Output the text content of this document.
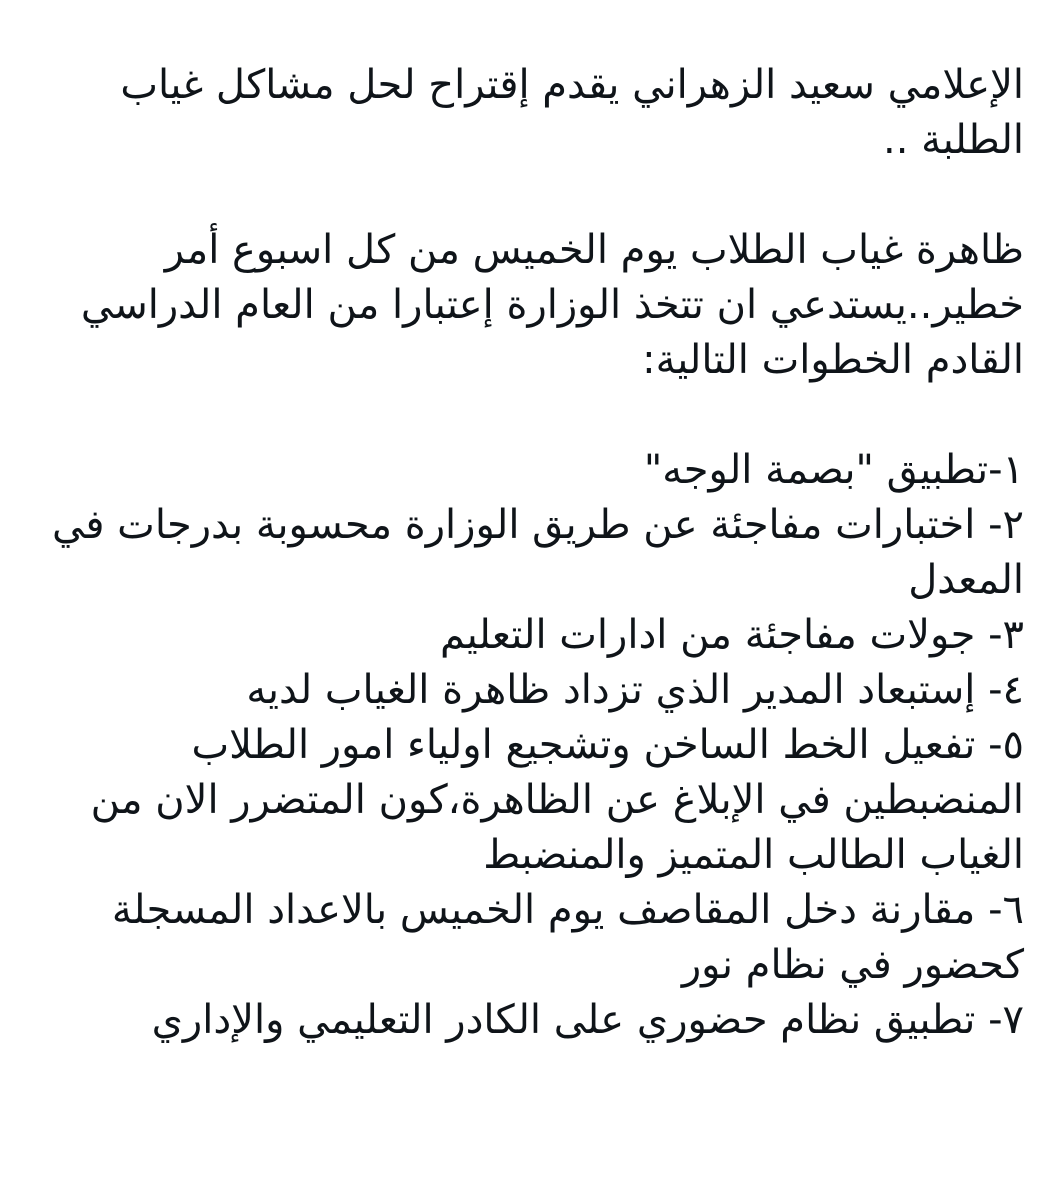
الإعلامي سعيد الزهراني يقدم إقتراح لحل مشاكل غياب
الطلبة ..

ظاهرة غياب الطلاب يوم الخميس من كل اسبوع أمر
خطير..يستدعي ان تتخذ الوزارة إعتبارا من العام الدراسي
القادم الخطوات التالية:

١-تطبيق "بصمة الوجه"
٢- اختبارات مفاجئة عن طريق الوزارة محسوبة بدرجات في
المعدل
٣- جولات مفاجئة من ادارات التعليم
٤- إستبعاد المدير الذي تزداد ظاهرة الغياب لديه
٥- تفعيل الخط الساخن وتشجيع اولياء امور الطلاب
المنضبطين في الإبلاغ عن الظاهرة،كون المتضرر الان من
الغياب الطالب المتميز والمنضبط
٦- مقارنة دخل المقاصف يوم الخميس بالاعداد المسجلة
كحضور في نظام نور
٧- تطبيق نظام حضوري على الكادر التعليمي والإداري
